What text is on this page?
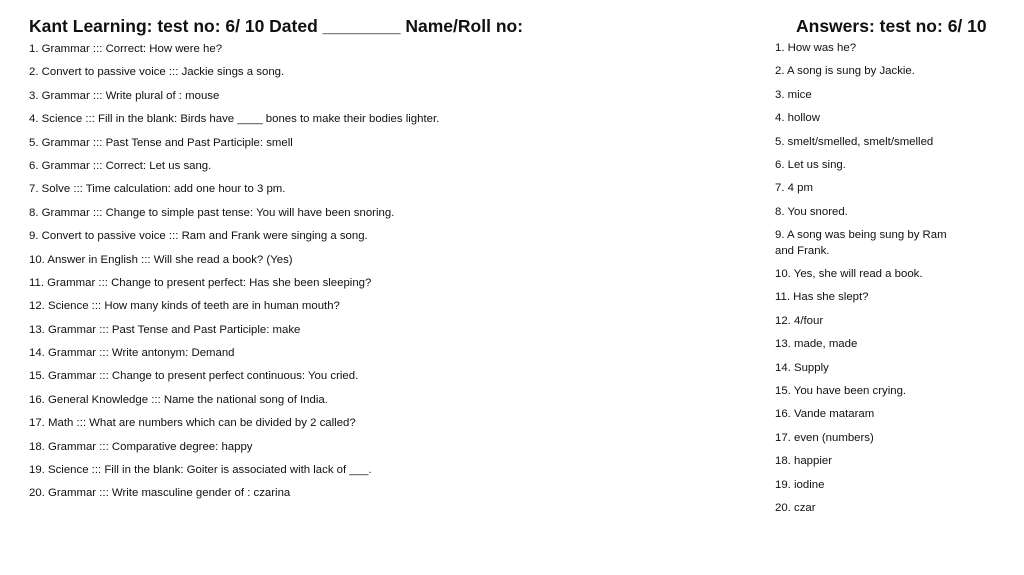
Kant Learning: test no: 6/ 10 Dated ________ Name/Roll no:	Answers: test no: 6/ 10
1. Grammar ::: Correct: How were he?
2. Convert to passive voice ::: Jackie sings a song.
3. Grammar ::: Write plural of : mouse
4. Science ::: Fill in the blank: Birds have ____ bones to make their bodies lighter.
5. Grammar ::: Past Tense and Past Participle: smell
6. Grammar ::: Correct: Let us sang.
7. Solve ::: Time calculation: add one hour to 3 pm.
8. Grammar ::: Change to simple past tense: You will have been snoring.
9. Convert to passive voice ::: Ram and Frank were singing a song.
10. Answer in English ::: Will she read a book? (Yes)
11. Grammar ::: Change to present perfect: Has she been sleeping?
12. Science ::: How many kinds of teeth are in human mouth?
13. Grammar ::: Past Tense and Past Participle: make
14. Grammar ::: Write antonym: Demand
15. Grammar ::: Change to present perfect continuous: You cried.
16. General Knowledge ::: Name the national song of India.
17. Math ::: What are numbers which can be divided by 2 called?
18. Grammar ::: Comparative degree: happy
19. Science ::: Fill in the blank: Goiter is associated with lack of ___.
20. Grammar ::: Write masculine gender of : czarina
1. How was he?
2. A song is sung by Jackie.
3. mice
4. hollow
5. smelt/smelled, smelt/smelled
6. Let us sing.
7. 4 pm
8. You snored.
9. A song was being sung by Ram and Frank.
10. Yes, she will read a book.
11. Has she slept?
12. 4/four
13. made, made
14. Supply
15. You have been crying.
16. Vande mataram
17. even (numbers)
18. happier
19. iodine
20. czar
